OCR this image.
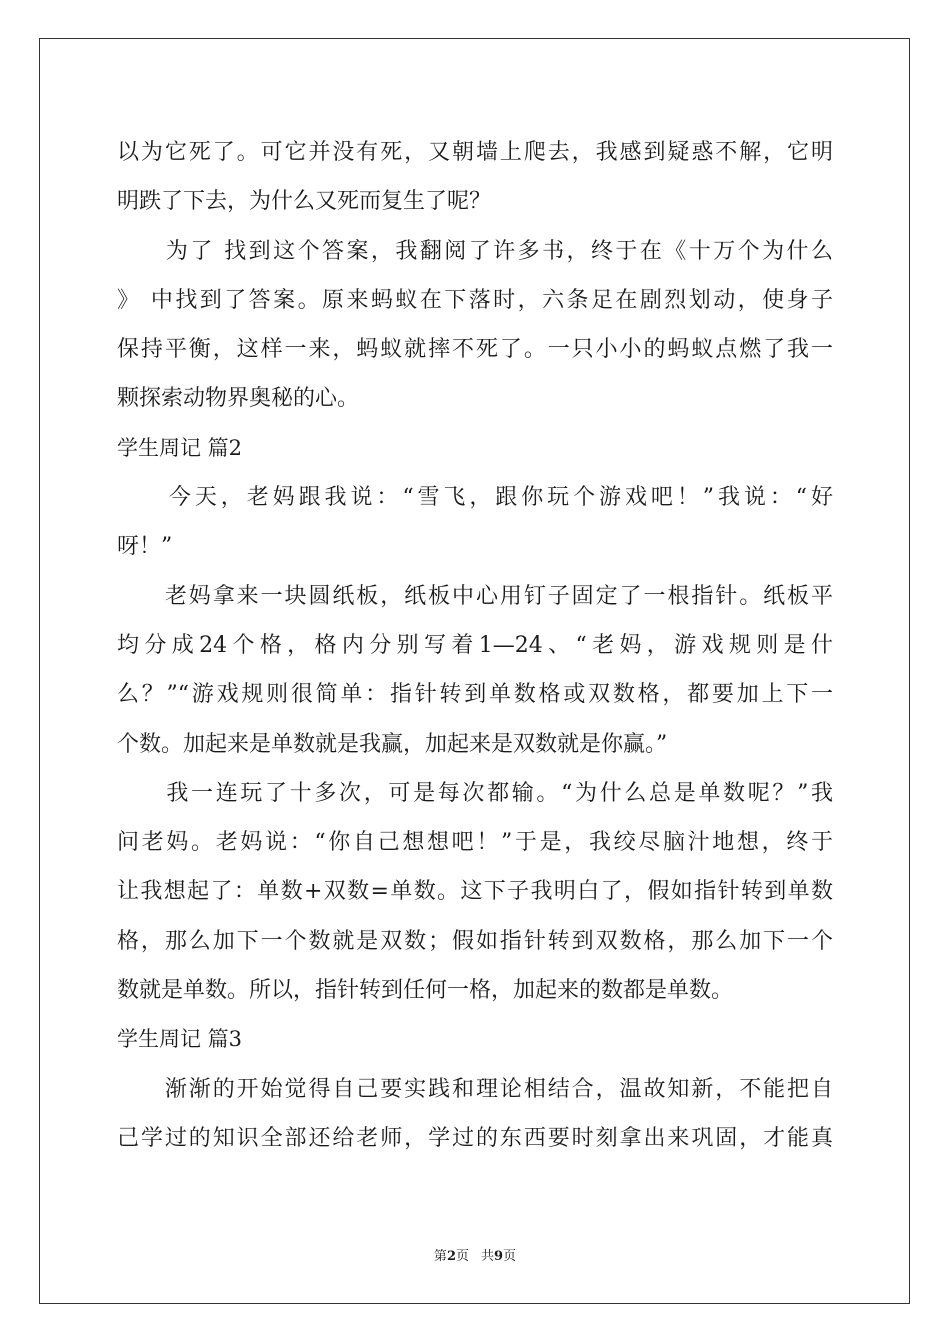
以为它死了。可它并没有死，又朝墙上爬去，我感到疑惑不解，它明
明跌了下去，为什么又死而复生了呢？
　　为了 找到这个答案，我翻阅了许多书，终于在《十万个为什么
》 中找到了答案。原来蚂蚁在下落时，六条足在剧烈划动，使身子
保持平衡，这样一来，蚂蚁就摔不死了。一只小小的蚂蚁点燃了我一
颗探索动物界奥秘的心。
学生周记 篇2
　　今天，老妈跟我说：“雪飞，跟你玩个游戏吧！”我说：“好
呀！”
　　老妈拿来一块圆纸板，纸板中心用钉子固定了一根指针。纸板平
均分成24个格，格内分别写着1—24、“老妈，游戏规则是什
么？”“游戏规则很简单：指针转到单数格或双数格，都要加上下一
个数。加起来是单数就是我赢，加起来是双数就是你赢。”
　　我一连玩了十多次，可是每次都输。“为什么总是单数呢？”我
问老妈。老妈说：“你自己想想吧！”于是，我绞尽脑汁地想，终于
让我想起了：单数+双数=单数。这下子我明白了，假如指针转到单数
格，那么加下一个数就是双数；假如指针转到双数格，那么加下一个
数就是单数。所以，指针转到任何一格，加起来的数都是单数。
学生周记 篇3
　　渐渐的开始觉得自己要实践和理论相结合，温故知新，不能把自
己学过的知识全部还给老师，学过的东西要时刻拿出来巩固，才能真
第2页 共9页
